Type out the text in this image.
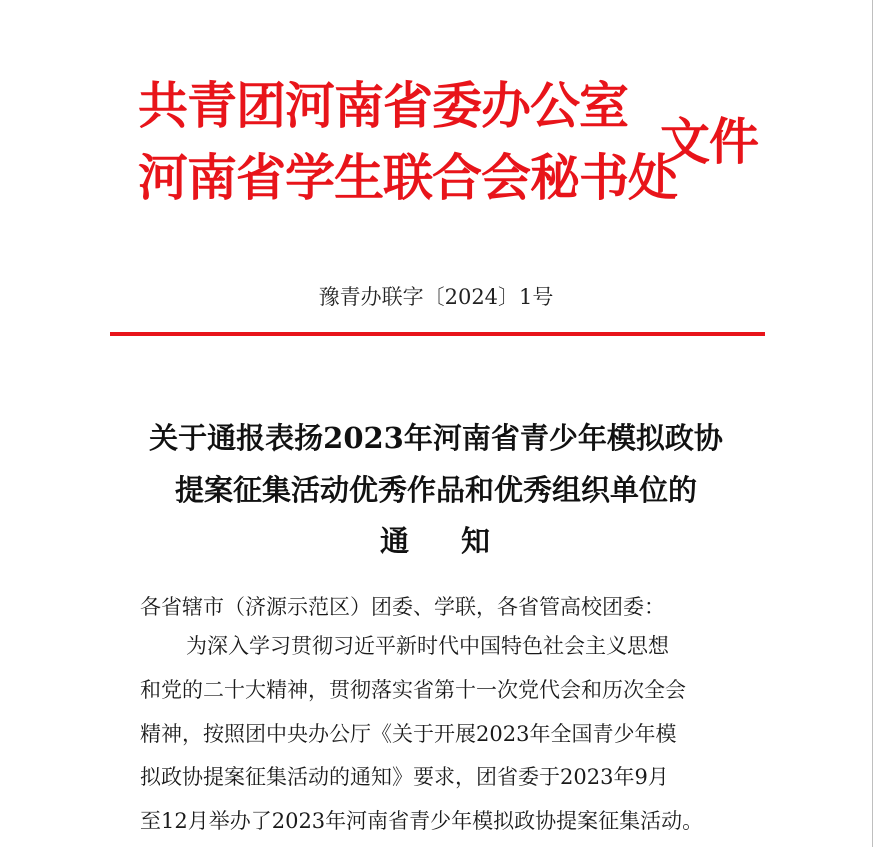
共青团河南省委办公室
河南省学生联合会秘书处
文件
豫青办联字〔2024〕1号
关于通报表扬2023年河南省青少年模拟政协
提案征集活动优秀作品和优秀组织单位的
通 知
各省辖市（济源示范区）团委、学联，各省管高校团委：
为深入学习贯彻习近平新时代中国特色社会主义思想
和党的二十大精神，贯彻落实省第十一次党代会和历次全会
精神，按照团中央办公厅《关于开展2023年全国青少年模
拟政协提案征集活动的通知》要求，团省委于2023年9月
至12月举办了2023年河南省青少年模拟政协提案征集活动。
